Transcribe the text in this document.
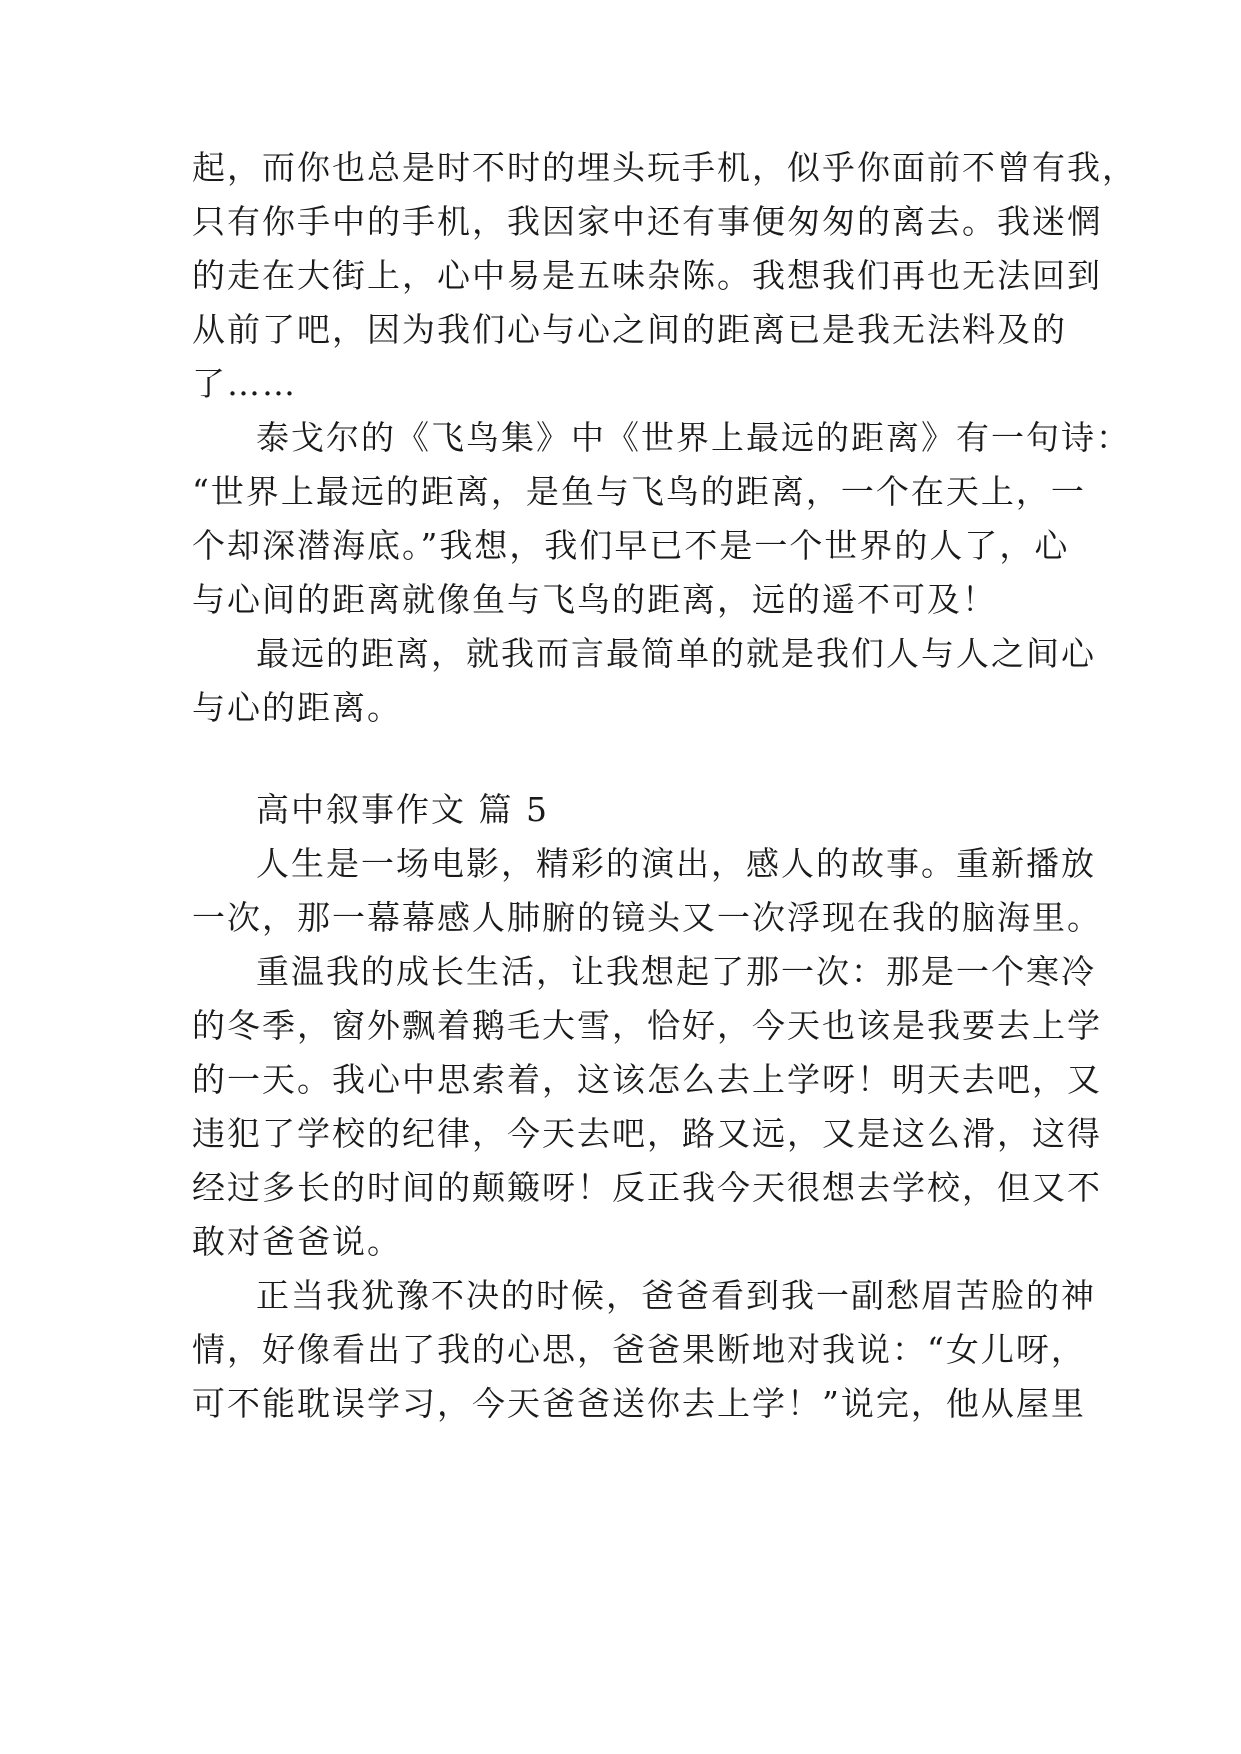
起，而你也总是时不时的埋头玩手机，似乎你面前不曾有我，
只有你手中的手机，我因家中还有事便匆匆的离去。我迷惘
的走在大街上，心中易是五味杂陈。我想我们再也无法回到
从前了吧，因为我们心与心之间的距离已是我无法料及的
了……
泰戈尔的《飞鸟集》中《世界上最远的距离》有一句诗：
“世界上最远的距离，是鱼与飞鸟的距离，一个在天上，一
个却深潜海底。”我想，我们早已不是一个世界的人了，心
与心间的距离就像鱼与飞鸟的距离，远的遥不可及！
最远的距离，就我而言最简单的就是我们人与人之间心
与心的距离。
高中叙事作文 篇 5
人生是一场电影，精彩的演出，感人的故事。重新播放
一次，那一幕幕感人肺腑的镜头又一次浮现在我的脑海里。
重温我的成长生活，让我想起了那一次：那是一个寒冷
的冬季，窗外飘着鹅毛大雪，恰好，今天也该是我要去上学
的一天。我心中思索着，这该怎么去上学呀！明天去吧，又
违犯了学校的纪律，今天去吧，路又远，又是这么滑，这得
经过多长的时间的颠簸呀！反正我今天很想去学校，但又不
敢对爸爸说。
正当我犹豫不决的时候，爸爸看到我一副愁眉苦脸的神
情，好像看出了我的心思，爸爸果断地对我说：“女儿呀，
可不能耽误学习，今天爸爸送你去上学！”说完，他从屋里
